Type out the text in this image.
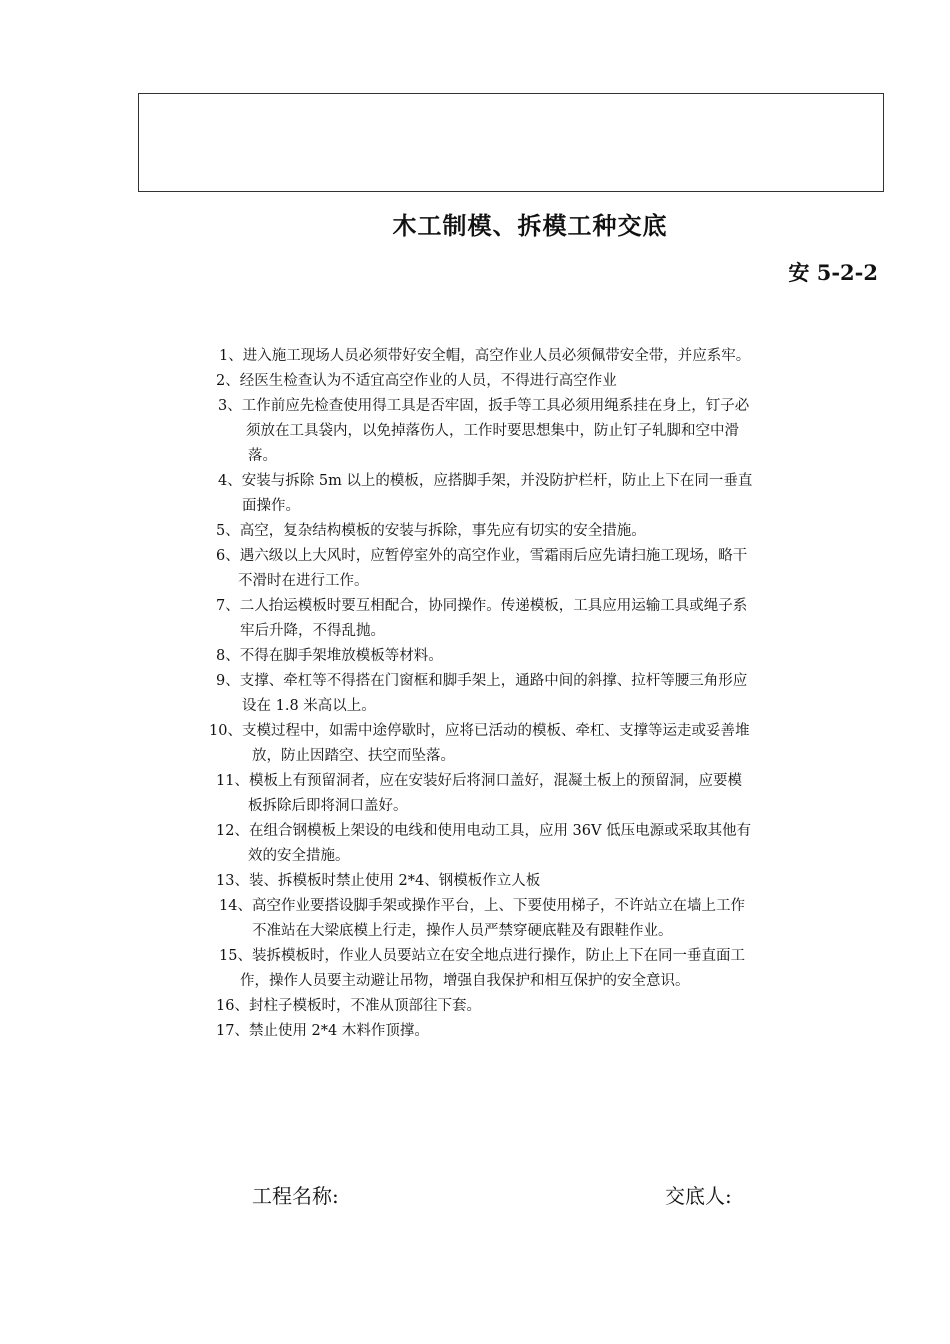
木工制模、拆模工种交底
安 5-2-2
1、进入施工现场人员必须带好安全帽，高空作业人员必须佩带安全带，并应系牢。
2、经医生检查认为不适宜高空作业的人员，不得进行高空作业
3、工作前应先检查使用得工具是否牢固，扳手等工具必须用绳系挂在身上，钉子必
须放在工具袋内，以免掉落伤人，工作时要思想集中，防止钉子轧脚和空中滑
落。
4、安装与拆除 5m 以上的模板，应搭脚手架，并没防护栏杆，防止上下在同一垂直
面操作。
5、高空，复杂结构模板的安装与拆除，事先应有切实的安全措施。
6、遇六级以上大风时，应暂停室外的高空作业，雪霜雨后应先请扫施工现场，略干
不滑时在进行工作。
7、二人抬运模板时要互相配合，协同操作。传递模板，工具应用运输工具或绳子系
牢后升降，不得乱抛。
8、不得在脚手架堆放模板等材料。
9、支撑、牵杠等不得搭在门窗框和脚手架上，通路中间的斜撑、拉杆等腰三角形应
设在 1.8 米高以上。
10、支模过程中，如需中途停歇时，应将已活动的模板、牵杠、支撑等运走或妥善堆
放，防止因踏空、扶空而坠落。
11、模板上有预留洞者，应在安装好后将洞口盖好，混凝土板上的预留洞，应要模
板拆除后即将洞口盖好。
12、在组合钢模板上架设的电线和使用电动工具，应用 36V 低压电源或采取其他有
效的安全措施。
13、装、拆模板时禁止使用 2*4、钢模板作立人板
14、高空作业要搭设脚手架或操作平台，上、下要使用梯子，不许站立在墙上工作
不准站在大梁底模上行走，操作人员严禁穿硬底鞋及有跟鞋作业。
15、装拆模板时，作业人员要站立在安全地点进行操作，防止上下在同一垂直面工
作，操作人员要主动避让吊物，增强自我保护和相互保护的安全意识。
16、封柱子模板时，不准从顶部往下套。
17、禁止使用 2*4 木料作顶撑。
工程名称:	交底人:
